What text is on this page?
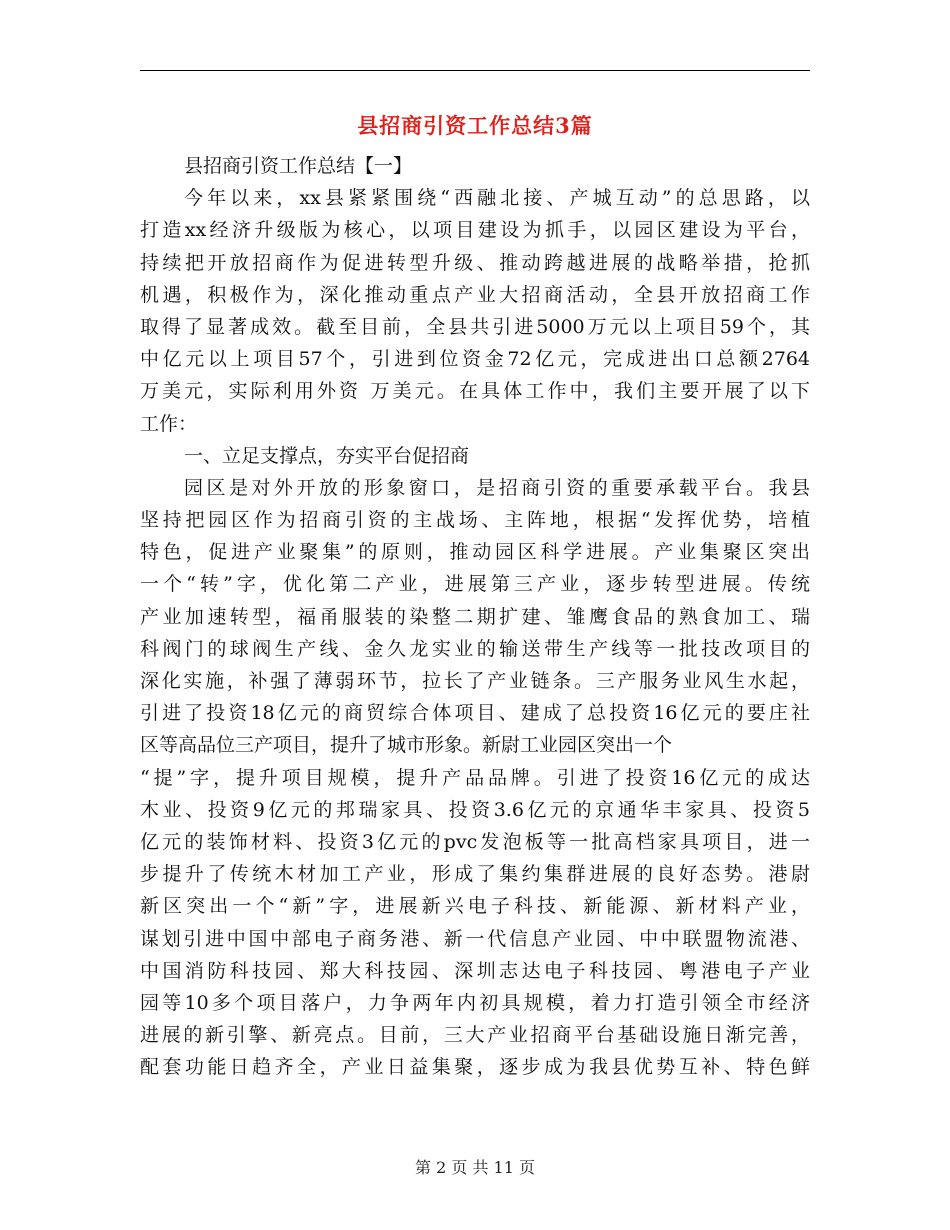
县招商引资工作总结3篇
县招商引资工作总结【一】
今年以来，xx县紧紧围绕“西融北接、产城互动”的总思路，以
打造xx经济升级版为核心，以项目建设为抓手，以园区建设为平台，
持续把开放招商作为促进转型升级、推动跨越进展的战略举措，抢抓
机遇，积极作为，深化推动重点产业大招商活动，全县开放招商工作
取得了显著成效。截至目前，全县共引进5000万元以上项目59个，其
中亿元以上项目57个，引进到位资金72亿元，完成进出口总额2764
万美元，实际利用外资 万美元。在具体工作中，我们主要开展了以下
工作：
一、立足支撑点，夯实平台促招商
园区是对外开放的形象窗口，是招商引资的重要承载平台。我县
坚持把园区作为招商引资的主战场、主阵地，根据“发挥优势，培植
特色，促进产业聚集”的原则，推动园区科学进展。产业集聚区突出
一个“转”字，优化第二产业，进展第三产业，逐步转型进展。传统
产业加速转型，福甬服装的染整二期扩建、雏鹰食品的熟食加工、瑞
科阀门的球阀生产线、金久龙实业的输送带生产线等一批技改项目的
深化实施，补强了薄弱环节，拉长了产业链条。三产服务业风生水起，
引进了投资18亿元的商贸综合体项目、建成了总投资16亿元的要庄社
区等高品位三产项目，提升了城市形象。新尉工业园区突出一个
“提”字，提升项目规模，提升产品品牌。引进了投资16亿元的成达
木业、投资9亿元的邦瑞家具、投资3.6亿元的京通华丰家具、投资5
亿元的装饰材料、投资3亿元的pvc发泡板等一批高档家具项目，进一
步提升了传统木材加工产业，形成了集约集群进展的良好态势。港尉
新区突出一个“新”字，进展新兴电子科技、新能源、新材料产业，
谋划引进中国中部电子商务港、新一代信息产业园、中中联盟物流港、
中国消防科技园、郑大科技园、深圳志达电子科技园、粤港电子产业
园等10多个项目落户，力争两年内初具规模，着力打造引领全市经济
进展的新引擎、新亮点。目前，三大产业招商平台基础设施日渐完善，
配套功能日趋齐全，产业日益集聚，逐步成为我县优势互补、特色鲜
第 2 页 共 11 页
